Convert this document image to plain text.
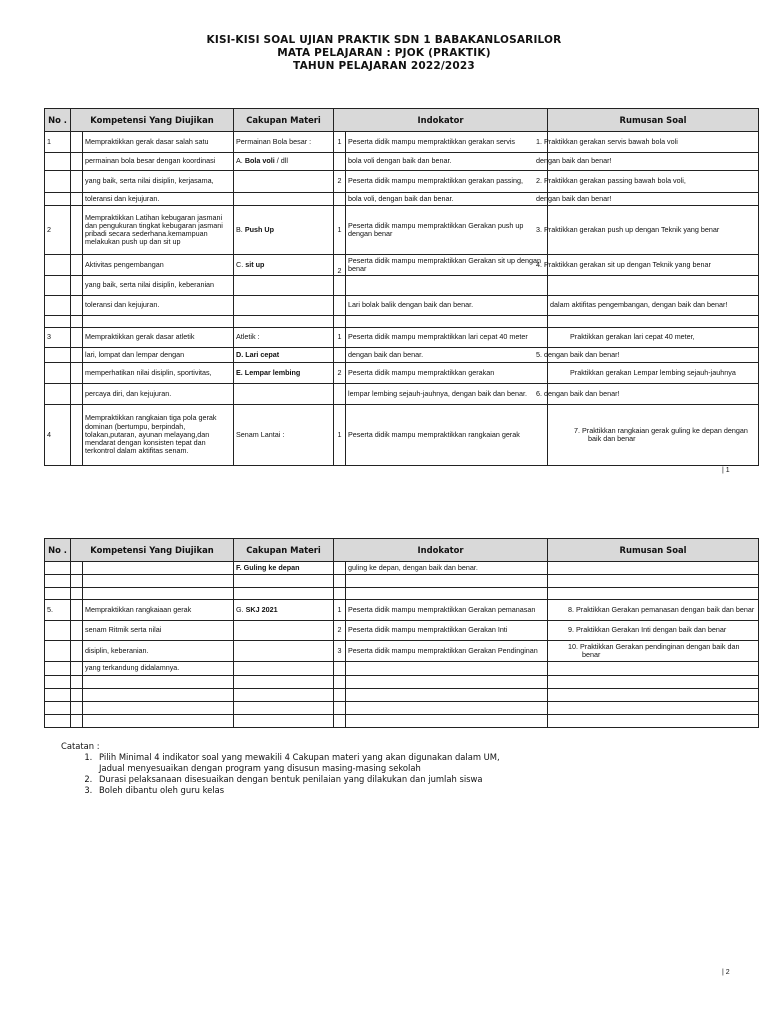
KISI-KISI SOAL UJIAN PRAKTIK SDN 1 BABAKANLOSARILOR
MATA PELAJARAN : PJOK (PRAKTIK)
TAHUN PELAJARAN 2022/2023
No .	Kompetensi Yang Diujikan		Cakupan Materi	Indokator		Rumusan Soal
1		Mempraktikkan gerak dasar salah satu	Permainan Bola besar :	1	Peserta didik mampu mempraktikkan gerakan servis	1. Praktikkan gerakan servis bawah bola voli
		permainan bola besar dengan koordinasi	A. Bola voli / dll		bola voli dengan baik dan benar.	dengan baik dan benar!
		yang baik, serta nilai disiplin, kerjasama,		2	Peserta didik mampu mempraktikkan gerakan passing,	2. Praktikkan gerakan passing bawah bola voli,
		toleransi dan kejujuran.			bola voli, dengan baik dan benar.	dengan baik dan benar!
2		Mempraktikkan Latihan kebugaran jasmani dan pengukuran tingkat kebugaran jasmani pribadi secara sederhana.kemampuan melakukan push up dan sit up	B. Push Up	1	Peserta didik mampu mempraktikkan Gerakan push up dengan benar	3. Praktikkan gerakan push up dengan Teknik yang benar
		Aktivitas pengembangan	C. sit up	2	Peserta didik mampu mempraktikkan Gerakan sit up dengan benar	4. Praktikkan gerakan sit up dengan Teknik yang benar
		yang baik, serta nilai disiplin, keberanian				
		toleransi dan kejujuran.			Lari bolak balik dengan baik dan benar.	dalam aktifitas pengembangan, dengan baik dan benar!

3		Mempraktikkan gerak dasar atletik	Atletik :	1	Peserta didik mampu mempraktikkan lari cepat 40 meter	Praktikkan gerakan lari cepat 40 meter,
		lari, lompat dan lempar dengan	D. Lari cepat		dengan baik dan benar.	5. dengan baik dan benar!
		memperhatikan nilai disiplin, sportivitas,	E. Lempar lembing	2	Peserta didik mampu mempraktikkan gerakan	Praktikkan gerakan Lempar lembing sejauh-jauhnya
		percaya diri, dan kejujuran.			lempar lembing sejauh-jauhnya, dengan baik dan benar.	6. dengan baik dan benar!
4		Mempraktikkan rangkaian tiga pola gerak dominan (bertumpu, berpindah, tolakan,putaran, ayunan melayang,dan mendarat dengan konsisten tepat dan terkontrol dalam aktifitas senam.	Senam Lantai :	1	Peserta didik mampu mempraktikkan rangkaian gerak	7. Praktikkan rangkaian gerak guling ke depan dengan baik dan benar
| 1
No .	Kompetensi Yang Diujikan		Cakupan Materi	Indokator		Rumusan Soal
			F. Guling ke depan		guling ke depan, dengan baik dan benar.	

5.		Mempraktikkan rangkaiaan gerak	G. SKJ 2021	1	Peserta didik mampu mempraktikkan Gerakan pemanasan	8. Praktikkan Gerakan pemanasan dengan baik dan benar
		senam Ritmik serta nilai		2	Peserta didik mampu mempraktikkan Gerakan Inti	9. Praktikkan Gerakan Inti dengan baik dan benar
		disiplin, keberanian.		3	Peserta didik mampu mempraktikkan Gerakan Pendinginan	10. Praktikkan Gerakan pendinginan dengan baik dan benar
		yang terkandung didalamnya.				

Catatan :
1. Pilih Minimal 4 indikator soal yang mewakili 4 Cakupan materi yang akan digunakan dalam UM, Jadual menyesuaikan dengan program yang disusun masing-masing sekolah
2. Durasi pelaksanaan disesuaikan dengan bentuk penilaian yang dilakukan dan jumlah siswa
3. Boleh dibantu oleh guru kelas
| 2
